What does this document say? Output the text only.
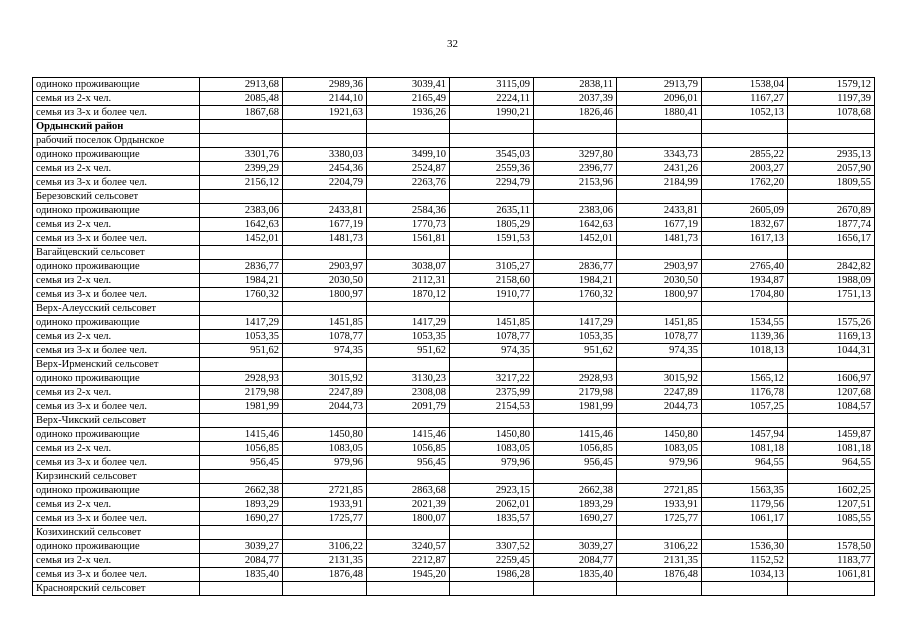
32
одиноко проживающие	2913,68	2989,36	3039,41	3115,09	2838,11	2913,79	1538,04	1579,12
семья из 2-х чел.	2085,48	2144,10	2165,49	2224,11	2037,39	2096,01	1167,27	1197,39
семья из 3-х и более чел.	1867,68	1921,63	1936,26	1990,21	1826,46	1880,41	1052,13	1078,68
Ордынский район								
рабочий поселок Ордынское								
одиноко проживающие	3301,76	3380,03	3499,10	3545,03	3297,80	3343,73	2855,22	2935,13
семья из 2-х чел.	2399,29	2454,36	2524,87	2559,36	2396,77	2431,26	2003,27	2057,90
семья из 3-х и более чел.	2156,12	2204,79	2263,76	2294,79	2153,96	2184,99	1762,20	1809,55
Березовский сельсовет								
одиноко проживающие	2383,06	2433,81	2584,36	2635,11	2383,06	2433,81	2605,09	2670,89
семья из 2-х чел.	1642,63	1677,19	1770,73	1805,29	1642,63	1677,19	1832,67	1877,74
семья из 3-х и более чел.	1452,01	1481,73	1561,81	1591,53	1452,01	1481,73	1617,13	1656,17
Вагайцевский сельсовет								
одиноко проживающие	2836,77	2903,97	3038,07	3105,27	2836,77	2903,97	2765,40	2842,82
семья из 2-х чел.	1984,21	2030,50	2112,31	2158,60	1984,21	2030,50	1934,87	1988,09
семья из 3-х и более чел.	1760,32	1800,97	1870,12	1910,77	1760,32	1800,97	1704,80	1751,13
Верх-Алеусский сельсовет								
одиноко проживающие	1417,29	1451,85	1417,29	1451,85	1417,29	1451,85	1534,55	1575,26
семья из 2-х чел.	1053,35	1078,77	1053,35	1078,77	1053,35	1078,77	1139,36	1169,13
семья из 3-х и более чел.	951,62	974,35	951,62	974,35	951,62	974,35	1018,13	1044,31
Верх-Ирменский сельсовет								
одиноко проживающие	2928,93	3015,92	3130,23	3217,22	2928,93	3015,92	1565,12	1606,97
семья из 2-х чел.	2179,98	2247,89	2308,08	2375,99	2179,98	2247,89	1176,78	1207,68
семья из 3-х и более чел.	1981,99	2044,73	2091,79	2154,53	1981,99	2044,73	1057,25	1084,57
Верх-Чикский сельсовет								
одиноко проживающие	1415,46	1450,80	1415,46	1450,80	1415,46	1450,80	1457,94	1459,87
семья из 2-х чел.	1056,85	1083,05	1056,85	1083,05	1056,85	1083,05	1081,18	1081,18
семья из 3-х и более чел.	956,45	979,96	956,45	979,96	956,45	979,96	964,55	964,55
Кирзинский сельсовет								
одиноко проживающие	2662,38	2721,85	2863,68	2923,15	2662,38	2721,85	1563,35	1602,25
семья из 2-х чел.	1893,29	1933,91	2021,39	2062,01	1893,29	1933,91	1179,56	1207,51
семья из 3-х и более чел.	1690,27	1725,77	1800,07	1835,57	1690,27	1725,77	1061,17	1085,55
Козихинский сельсовет								
одиноко проживающие	3039,27	3106,22	3240,57	3307,52	3039,27	3106,22	1536,30	1578,50
семья из 2-х чел.	2084,77	2131,35	2212,87	2259,45	2084,77	2131,35	1152,52	1183,77
семья из 3-х и более чел.	1835,40	1876,48	1945,20	1986,28	1835,40	1876,48	1034,13	1061,81
Красноярский сельсовет								
